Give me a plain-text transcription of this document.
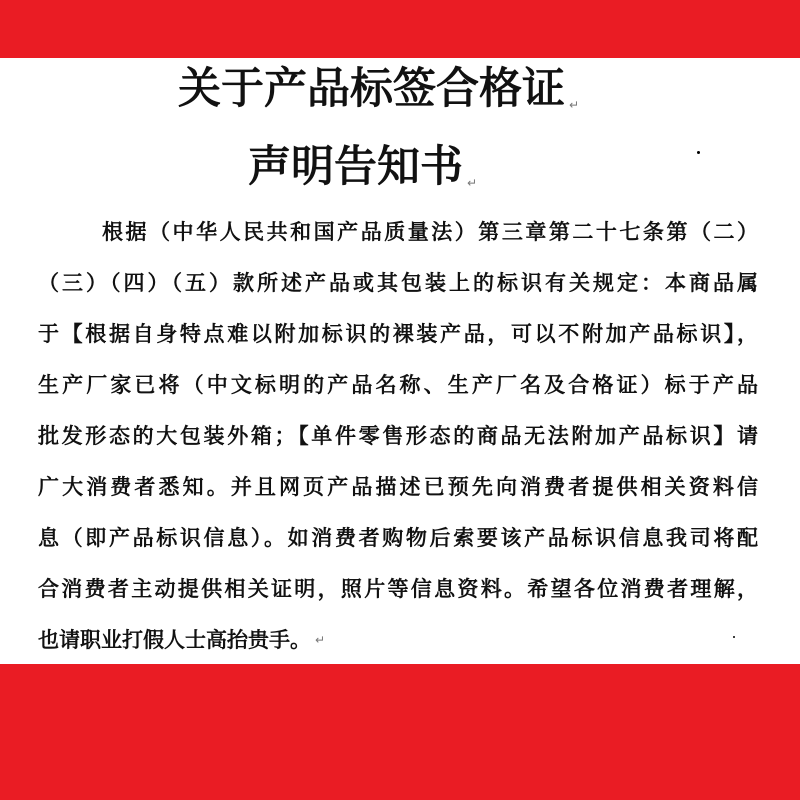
关于产品标签合格证 ↵
声明告知书 ↵
根据（中华人民共和国产品质量法）第三章第二十七条第（二）
（三）（四）（五）款所述产品或其包装上的标识有关规定：本商品属
于【根据自身特点难以附加标识的裸装产品，可以不附加产品标识】，
生产厂家已将（中文标明的产品名称、生产厂名及合格证）标于产品
批发形态的大包装外箱；【单件零售形态的商品无法附加产品标识】请
广大消费者悉知。并且网页产品描述已预先向消费者提供相关资料信
息（即产品标识信息）。如消费者购物后索要该产品标识信息我司将配
合消费者主动提供相关证明，照片等信息资料。希望各位消费者理解，
也请职业打假人士高抬贵手。 ↵
